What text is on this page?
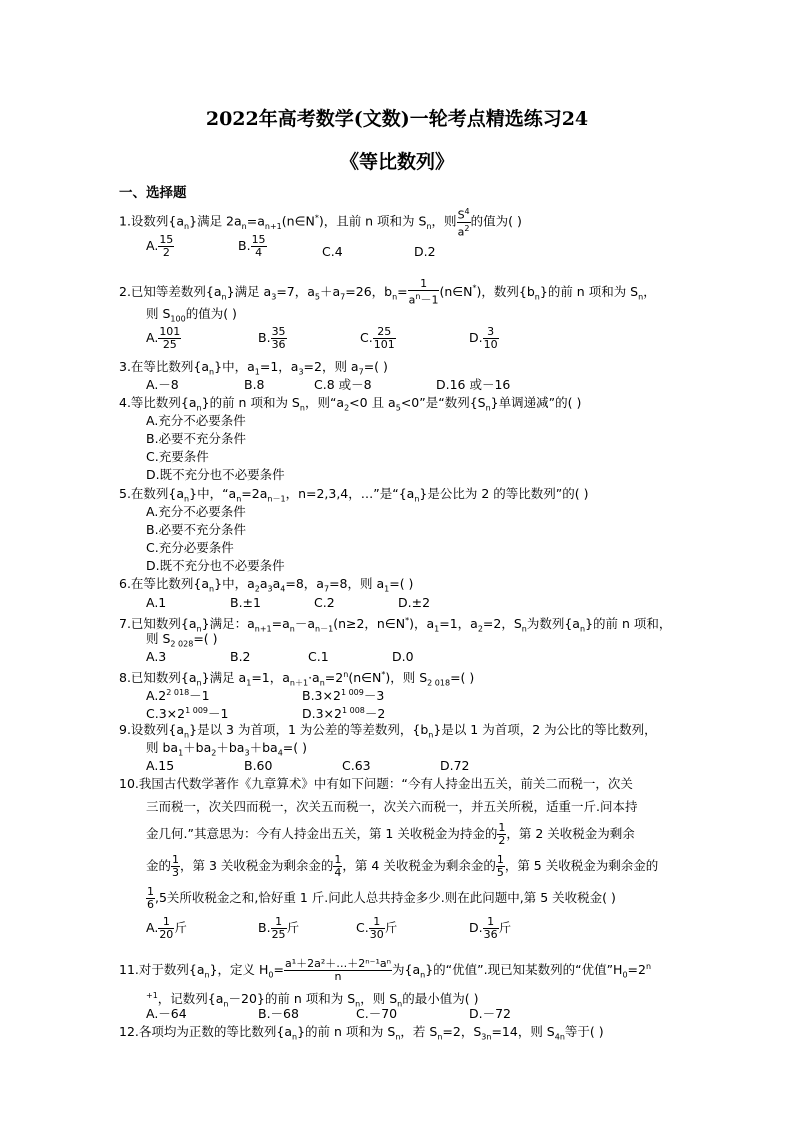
2022年高考数学(文数)一轮考点精选练习24
《等比数列》
一、选择题
1.设数列$\{a_n\}$满足 $2a_n=a_{n+1}(n\in N^*)$，且前 n 项和为 $S_n$，则 $\frac{S^4}{a^2}$ 的值为( )
A. $\frac{15}{2}$	B. $\frac{15}{4}$	C.4	D.2
2.已知等差数列$\{a_n\}$满足 $a_3=7$，$a_5+a_7=26$，$b_n= \frac{1}{a^n-1}$ (n∈N*)，数列$\{b_n\}$的前 n 项和为 $S_n$，
则 $S_{100}$的值为( )
A. $\frac{101}{25}$	B. $\frac{35}{36}$	C. $\frac{25}{101}$	D. $\frac{3}{10}$
3.在等比数列$\{a_n\}$中，$a_1=1$，$a_3=2$，则 $a_7=$( )
A.－8	B.8	C.8 或－8	D.16 或－16
4.等比数列$\{a_n\}$的前 n 项和为 $S_n$，则“$a_2<0$ 且 $a_5<0$”是“数列$\{S_n\}$单调递减”的( )
A.充分不必要条件
B.必要不充分条件
C.充要条件
D.既不充分也不必要条件
5.在数列$\{a_n\}$中，“$a_n=2a_{n-1}$，n=2,3,4，…”是“$\{a_n\}$是公比为 2 的等比数列”的( )
A.充分不必要条件
B.必要不充分条件
C.充分必要条件
D.既不充分也不必要条件
6.在等比数列$\{a_n\}$中，$a_2a_3a_4=8$，$a_7=8$，则 $a_1=$( )
A.1	B.±1	C.2	D.±2
7.已知数列$\{a_n\}$满足：$a_{n+1}=a_n-a_{n-1}(n\ge 2$，n∈N*)，$a_1=1$，$a_2=2$，$S_n$为数列$\{a_n\}$的前 n 项和，
则 $S_{2 028}=$( )
A.3	B.2	C.1	D.0
8.已知数列$\{a_n\}$满足 $a_1=1$，$a_{n+1}\cdot a_n=2^n(n\in N^*)$，则 $S_{2 018}=$( )
$A.2^{2 018}-1$	$B.3\times 2^{1 009}-3$
$C.3\times 2^{1 009}-1$	$D.3\times 2^{1 008}-2$
9.设数列$\{a_n\}$是以 3 为首项，1 为公差的等差数列，$\{b_n\}$是以 1 为首项，2 为公比的等比数列，
则 $ba_1+ba_2+ba_3+ba_4=$( )
A.15	B.60	C.63	D.72
10.我国古代数学著作《九章算术》中有如下问题：“今有人持金出五关，前关二而税一，次关
三而税一，次关四而税一，次关五而税一，次关六而税一，并五关所税，适重一斤.问本持
金几何.”其意思为：今有人持金出五关，第 1 关收税金为持金的 $\frac{1}{2}$ ，第 2 关收税金为剩余
金的 $\frac{1}{3}$ ，第 3 关收税金为剩余金的 $\frac{1}{4}$ ，第 4 关收税金为剩余金的 $\frac{1}{5}$ ，第 5 关收税金为剩余金的
$\frac{1}{6} ,5$关所收税金之和,恰好重 1 斤.问此人总共持金多少.则在此问题中,第 5 关收税金( )
A. $\frac{1}{20}$ 斤	B. $\frac{1}{25}$ 斤	C. $\frac{1}{30}$ 斤	D. $\frac{1}{36}$ 斤
11.对于数列$\{a_n\}$，定义 $H_0= \frac{\text{a¹＋2a²＋…＋2ⁿ⁻¹aⁿ}}{n}$ 为$\{a_n\}$的“优值”.现已知某数列的“优值$”H_0=2^n$
$^{+1}$，记数列$\{a_n-20\}$的前 n 项和为 $S_n$，则 $S_n$的最小值为( )
A.－64	B.－68	C.－70	D.－72
12.各项均为正数的等比数列$\{a_n\}$的前 n 项和为 $S_n$，若 $S_n=2$，$S_{3n}=14$，则 $S_{4n}$等于( )
